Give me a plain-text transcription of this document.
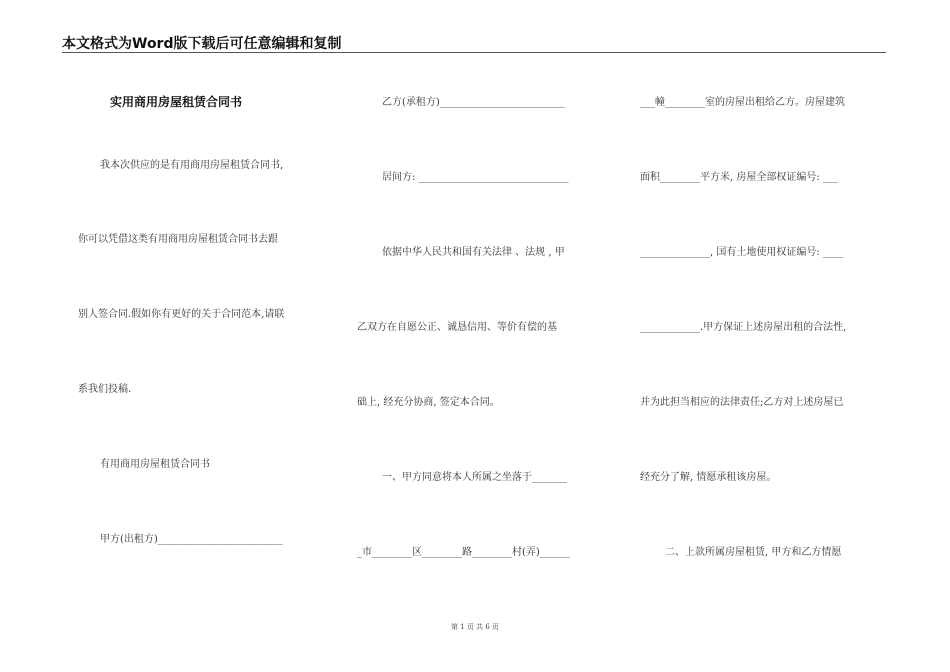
本文格式为Word版下载后可任意编辑和复制
实用商用房屋租赁合同书
我本次供应的是有用商用房屋租赁合同书,
你可以凭借这类有用商用房屋租赁合同书去跟
别人签合同.假如你有更好的关于合同范本,请联
系我们投稿.
有用商用房屋租赁合同书
甲方(出租方)_________________________
乙方(承租方)_________________________
居间方: ______________________________
依据中华人民共和国有关法律 、法规 , 甲
乙双方在自愿公正、诚恳信用、等价有偿的基
础上, 经充分协商, 签定本合同。
一、甲方同意将本人所属之坐落于_______
_市________区________路________村(弄)______
___幢________室的房屋出租给乙方。房屋建筑
面积________平方米, 房屋全部权证编号: ___
______________, 国有土地使用权证编号: ____
____________.甲方保证上述房屋出租的合法性,
并为此担当相应的法律责任;乙方对上述房屋已
经充分了解, 情愿承租该房屋。
二、上款所属房屋租赁, 甲方和乙方情愿
第 1 页 共 6 页
